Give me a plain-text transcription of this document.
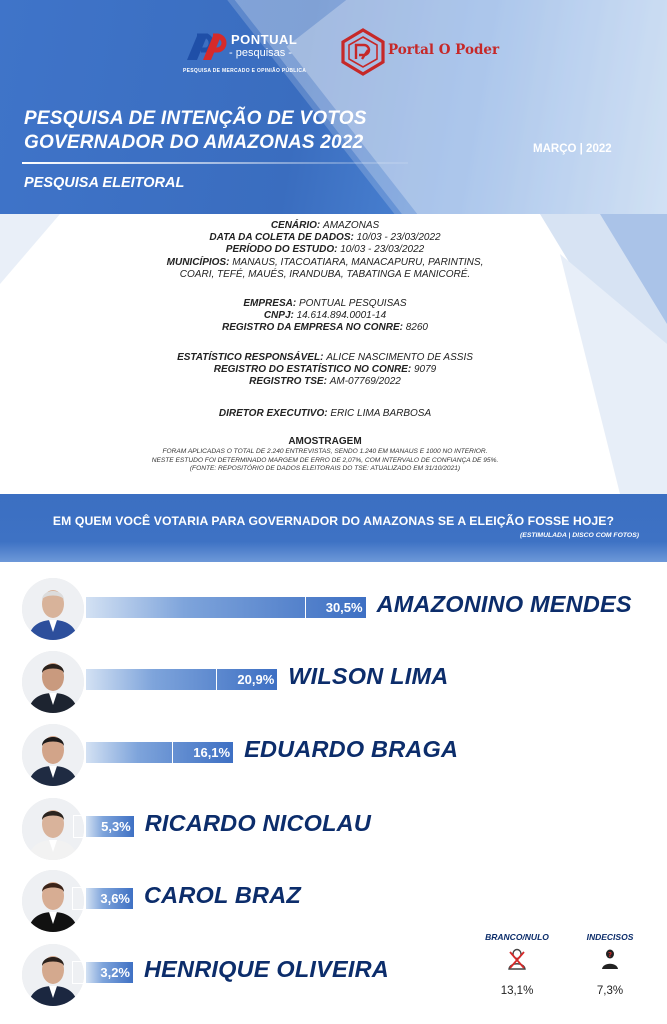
PONTUAL
- pesquisas -
PESQUISA DE MERCADO E OPINIÃO PÚBLICA
Portal O Poder
PESQUISA DE INTENÇÃO DE VOTOS
GOVERNADOR DO AMAZONAS 2022
PESQUISA ELEITORAL
MARÇO | 2022
CENÁRIO: AMAZONAS
DATA DA COLETA DE DADOS: 10/03 - 23/03/2022
PERÍODO DO ESTUDO: 10/03 - 23/03/2022
MUNICÍPIOS: MANAUS, ITACOATIARA, MANACAPURU, PARINTINS,
COARI, TEFÉ, MAUÉS, IRANDUBA, TABATINGA E MANICORÉ.
EMPRESA: PONTUAL PESQUISAS
CNPJ: 14.614.894.0001-14
REGISTRO DA EMPRESA NO CONRE: 8260
ESTATÍSTICO RESPONSÁVEL: ALICE NASCIMENTO DE ASSIS
REGISTRO DO ESTATÍSTICO NO CONRE: 9079
REGISTRO TSE: AM-07769/2022
DIRETOR EXECUTIVO: ERIC LIMA BARBOSA
AMOSTRAGEM
FORAM APLICADAS O TOTAL DE 2.240 ENTREVISTAS, SENDO 1.240 EM MANAUS E 1000 NO INTERIOR.
NESTE ESTUDO FOI DETERMINADO MARGEM DE ERRO DE 2,07%, COM INTERVALO DE CONFIANÇA DE 95%.
(FONTE: REPOSITÓRIO DE DADOS ELEITORAIS DO TSE: ATUALIZADO EM 31/10/2021)
EM QUEM VOCÊ VOTARIA PARA GOVERNADOR DO AMAZONAS SE A ELEIÇÃO FOSSE HOJE?
(ESTIMULADA | DISCO COM FOTOS)
30,5% AMAZONINO MENDES
20,9% WILSON LIMA
16,1% EDUARDO BRAGA
5,3% RICARDO NICOLAU
3,6% CAROL BRAZ
3,2% HENRIQUE OLIVEIRA
BRANCO/NULO
13,1%
INDECISOS
?
7,3%
